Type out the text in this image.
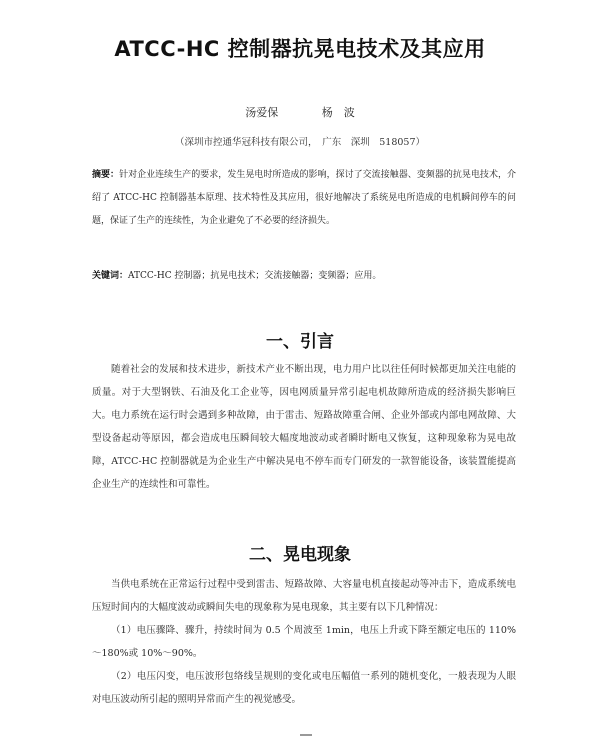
ATCC-HC 控制器抗晃电技术及其应用
汤爱保	杨　波
（深圳市控通华冠科技有限公司，　广东　深圳　518057）
摘要：针对企业连续生产的要求，发生晃电时所造成的影响，探讨了交流接触器、变频器的抗晃电技术，介绍了 ATCC-HC 控制器基本原理、技术特性及其应用，很好地解决了系统晃电所造成的电机瞬间停车的问题，保证了生产的连续性，为企业避免了不必要的经济损失。
关键词：ATCC-HC 控制器；抗晃电技术；交流接触器；变频器；应用。
一、引言

随着社会的发展和技术进步，新技术产业不断出现，电力用户比以往任何时候都更加关注电能的质量。对于大型钢铁、石油及化工企业等，因电网质量异常引起电机故障所造成的经济损失影响巨大。电力系统在运行时会遇到多种故障，由于雷击、短路故障重合闸、企业外部或内部电网故障、大型设备起动等原因，都会造成电压瞬间较大幅度地波动或者瞬时断电又恢复，这种现象称为晃电故障，ATCC-HC 控制器就是为企业生产中解决晃电不停车而专门研发的一款智能设备，该装置能提高企业生产的连续性和可靠性。

二、晃电现象

当供电系统在正常运行过程中受到雷击、短路故障、大容量电机直接起动等冲击下，造成系统电压短时间内的大幅度波动或瞬间失电的现象称为晃电现象，其主要有以下几种情况：

（1）电压骤降、骤升，持续时间为 0.5 个周波至 1min，电压上升或下降至额定电压的 110%～180%或 10%～90%。

（2）电压闪变，电压波形包络线呈规则的变化或电压幅值一系列的随机变化，一般表现为人眼对电压波动所引起的照明异常而产生的视觉感受。
